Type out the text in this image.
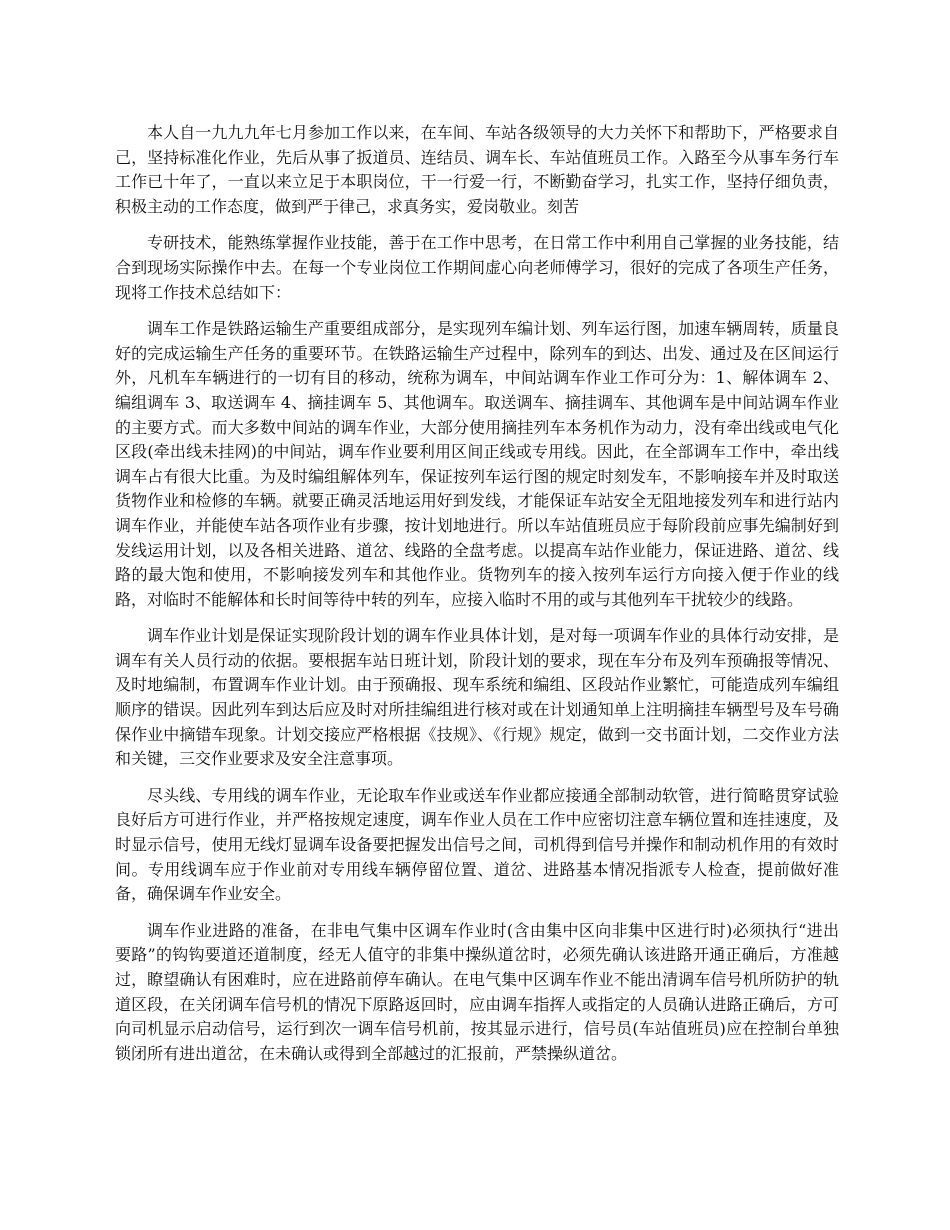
本人自一九九九年七月参加工作以来，在车间、车站各级领导的大力关怀下和帮助下，严格要求自己，坚持标准化作业，先后从事了扳道员、连结员、调车长、车站值班员工作。入路至今从事车务行车工作已十年了，一直以来立足于本职岗位，干一行爱一行，不断勤奋学习，扎实工作，坚持仔细负责，积极主动的工作态度，做到严于律己，求真务实，爱岗敬业。刻苦

专研技术，能熟练掌握作业技能，善于在工作中思考，在日常工作中利用自己掌握的业务技能，结合到现场实际操作中去。在每一个专业岗位工作期间虚心向老师傅学习，很好的完成了各项生产任务，现将工作技术总结如下：

调车工作是铁路运输生产重要组成部分，是实现列车编计划、列车运行图，加速车辆周转，质量良好的完成运输生产任务的重要环节。在铁路运输生产过程中，除列车的到达、出发、通过及在区间运行外，凡机车车辆进行的一切有目的移动，统称为调车，中间站调车作业工作可分为：1、解体调车 2、编组调车 3、取送调车 4、摘挂调车 5、其他调车。取送调车、摘挂调车、其他调车是中间站调车作业的主要方式。而大多数中间站的调车作业，大部分使用摘挂列车本务机作为动力，没有牵出线或电气化区段(牵出线未挂网)的中间站，调车作业要利用区间正线或专用线。因此，在全部调车工作中，牵出线调车占有很大比重。为及时编组解体列车，保证按列车运行图的规定时刻发车，不影响接车并及时取送货物作业和检修的车辆。就要正确灵活地运用好到发线，才能保证车站安全无阻地接发列车和进行站内调车作业，并能使车站各项作业有步骤，按计划地进行。所以车站值班员应于每阶段前应事先编制好到发线运用计划，以及各相关进路、道岔、线路的全盘考虑。以提高车站作业能力，保证进路、道岔、线路的最大饱和使用，不影响接发列车和其他作业。货物列车的接入按列车运行方向接入便于作业的线路，对临时不能解体和长时间等待中转的列车，应接入临时不用的或与其他列车干扰较少的线路。

调车作业计划是保证实现阶段计划的调车作业具体计划，是对每一项调车作业的具体行动安排，是调车有关人员行动的依据。要根据车站日班计划，阶段计划的要求，现在车分布及列车预确报等情况、及时地编制，布置调车作业计划。由于预确报、现车系统和编组、区段站作业繁忙，可能造成列车编组顺序的错误。因此列车到达后应及时对所挂编组进行核对或在计划通知单上注明摘挂车辆型号及车号确保作业中摘错车现象。计划交接应严格根据《技规》、《行规》规定，做到一交书面计划，二交作业方法和关键，三交作业要求及安全注意事项。

尽头线、专用线的调车作业，无论取车作业或送车作业都应接通全部制动软管，进行简略贯穿试验良好后方可进行作业，并严格按规定速度，调车作业人员在工作中应密切注意车辆位置和连挂速度，及时显示信号，使用无线灯显调车设备要把握发出信号之间，司机得到信号并操作和制动机作用的有效时间。专用线调车应于作业前对专用线车辆停留位置、道岔、进路基本情况指派专人检查，提前做好准备，确保调车作业安全。

调车作业进路的准备，在非电气集中区调车作业时(含由集中区向非集中区进行时)必须执行“进出要路”的钩钩要道还道制度，经无人值守的非集中操纵道岔时，必须先确认该进路开通正确后，方准越过，瞭望确认有困难时，应在进路前停车确认。在电气集中区调车作业不能出清调车信号机所防护的轨道区段，在关闭调车信号机的情况下原路返回时，应由调车指挥人或指定的人员确认进路正确后，方可向司机显示启动信号，运行到次一调车信号机前，按其显示进行，信号员(车站值班员)应在控制台单独锁闭所有进出道岔，在未确认或得到全部越过的汇报前，严禁操纵道岔。
